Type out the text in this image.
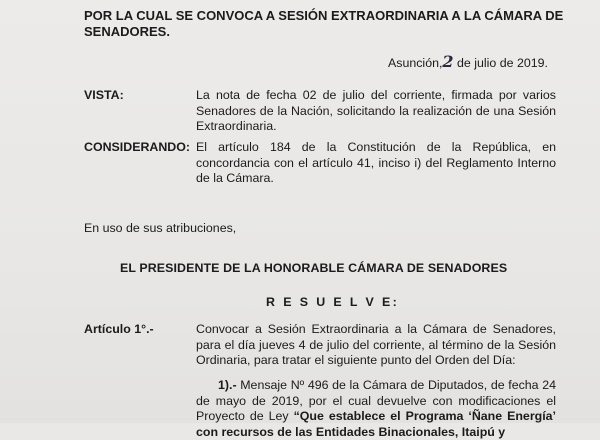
POR LA CUAL SE CONVOCA A SESIÓN EXTRAORDINARIA A LA CÁMARA DE SENADORES.
Asunción,2 de julio de 2019.
VISTA:	La nota de fecha 02 de julio del corriente, firmada por varios Senadores de la Nación, solicitando la realización de una Sesión Extraordinaria.
CONSIDERANDO: El artículo 184 de la Constitución de la República, en concordancia con el artículo 41, inciso i) del Reglamento Interno de la Cámara.
En uso de sus atribuciones,
EL PRESIDENTE DE LA HONORABLE CÁMARA DE SENADORES
R E S U E L V E:
Artículo 1°.-	Convocar a Sesión Extraordinaria a la Cámara de Senadores, para el día jueves 4 de julio del corriente, al término de la Sesión Ordinaria, para tratar el siguiente punto del Orden del Día:
1).- Mensaje Nº 496 de la Cámara de Diputados, de fecha 24 de mayo de 2019, por el cual devuelve con modificaciones el Proyecto de Ley “Que establece el Programa ‘Ñane Energía’ con recursos de las Entidades Binacionales, Itaipú y
